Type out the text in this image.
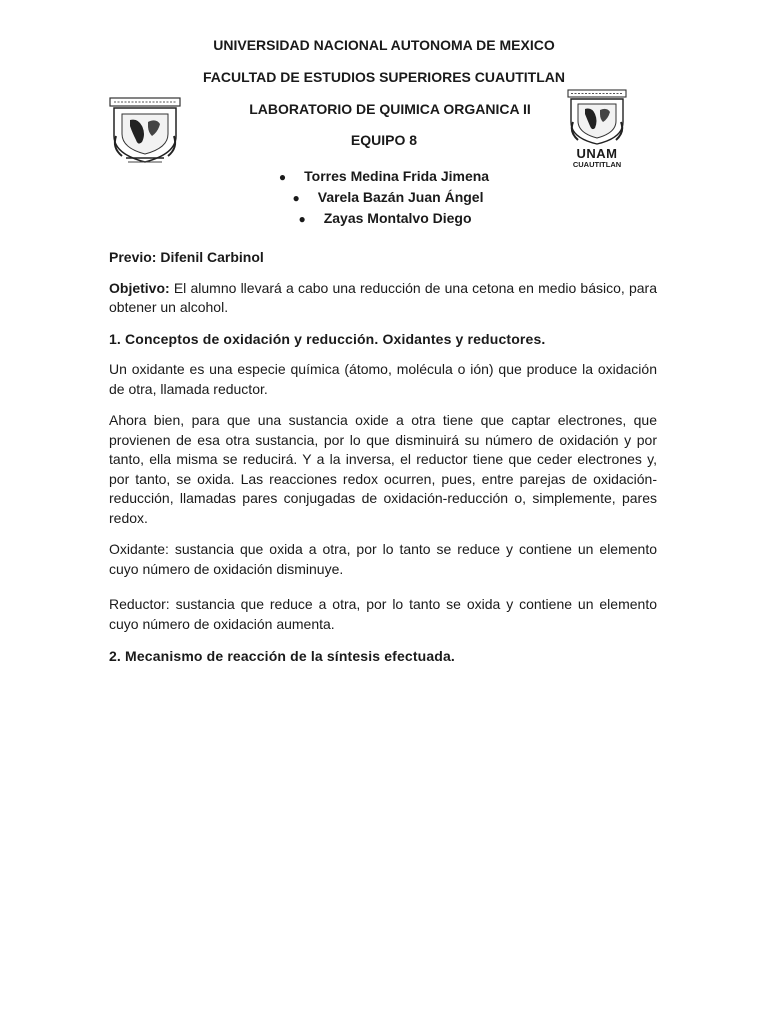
UNIVERSIDAD NACIONAL AUTONOMA DE MEXICO
FACULTAD DE ESTUDIOS SUPERIORES CUAUTITLAN
LABORATORIO DE QUIMICA ORGANICA II
EQUIPO 8
UNAM
CUAUTITLAN
● Torres Medina Frida Jimena
● Varela Bazán Juan Ángel
● Zayas Montalvo Diego

Previo: Difenil Carbinol

Objetivo: El alumno llevará a cabo una reducción de una cetona en medio básico, para obtener un alcohol.

1. Conceptos de oxidación y reducción. Oxidantes y reductores.

Un oxidante es una especie química (átomo, molécula o ión) que produce la oxidación de otra, llamada reductor.

Ahora bien, para que una sustancia oxide a otra tiene que captar electrones, que provienen de esa otra sustancia, por lo que disminuirá su número de oxidación y por tanto, ella misma se reducirá. Y a la inversa, el reductor tiene que ceder electrones y, por tanto, se oxida. Las reacciones redox ocurren, pues, entre parejas de oxidación-reducción, llamadas pares conjugadas de oxidación-reducción o, simplemente, pares redox.

Oxidante: sustancia que oxida a otra, por lo tanto se reduce y contiene un elemento cuyo número de oxidación disminuye.

Reductor: sustancia que reduce a otra, por lo tanto se oxida y contiene un elemento cuyo número de oxidación aumenta.

2. Mecanismo de reacción de la síntesis efectuada.
